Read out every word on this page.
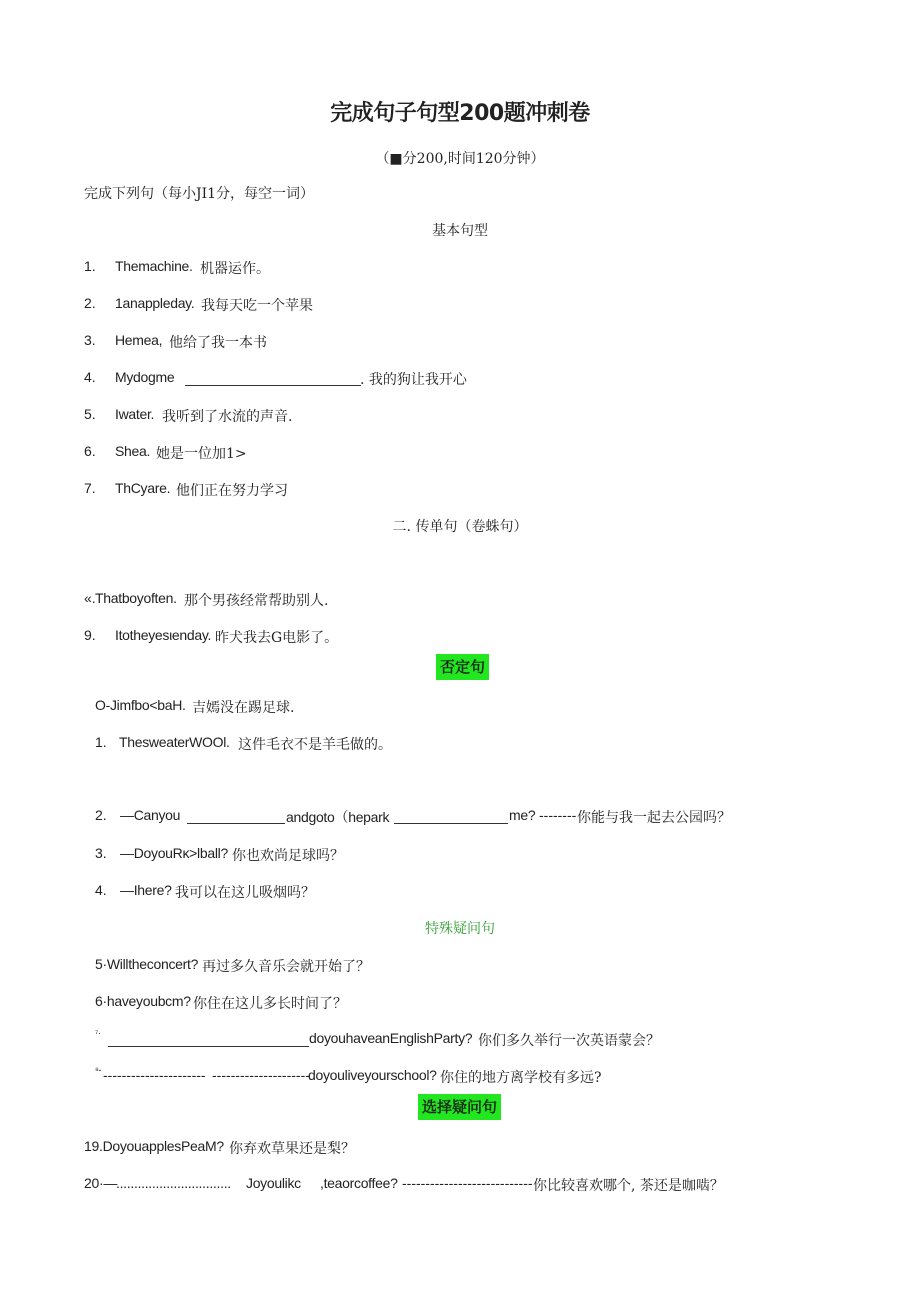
完成句子句型200题冲刺卷
（■分200,时间120分钟）
完成下列句（每小JI1分，每空一词）
基本句型
1. Themachine. 机器运作。
2. 1anappleday. 我每天吃一个苹果
3. Hemea, 他给了我一本书
4. Mydogme	. 我的狗让我开心
5. Iwater. 我听到了水流的声音.
6. Shea. 她是一位加1>
7. ThCyare. 他们正在努力学习
二. 传单句（卷蛛句）
«. Thatboyoften. 那个男孩经常帮助别人.
9. Itotheyesιenday. 昨犬我去G电影了。
否定句
O-Jimfbo<baH. 吉嫣没在踢足球.
1. ThesweaterWOOl. 这件毛衣不是羊毛做的。
2. —Canyou	andgoto（hepark	me? -------- 你能与我一起去公园吗？
3. —DoyouRκ>lball? 你也欢尚足球吗？
4. —Ihere? 我可以在这儿吸烟吗？
特殊疑问句
5·Willtheconcert? 再过多久音乐会就开始了？
6·haveyoubcm? 你住在这儿多长时间了？
⁷·	doyouhaveanEnglishParty? 你们多久举行一次英语蒙会？
⁸- ---------------------- ---------------------
doyouliveyourschool? 你住的地方离学校有多远?
选择疑问句
19.DoyouapplesPeaM? 你弃欢草果还是梨？
20·—
................................ Joyoulikc ,teaorcoffee? ---------------------------- 你比较喜欢哪个, 茶还是咖啮？
